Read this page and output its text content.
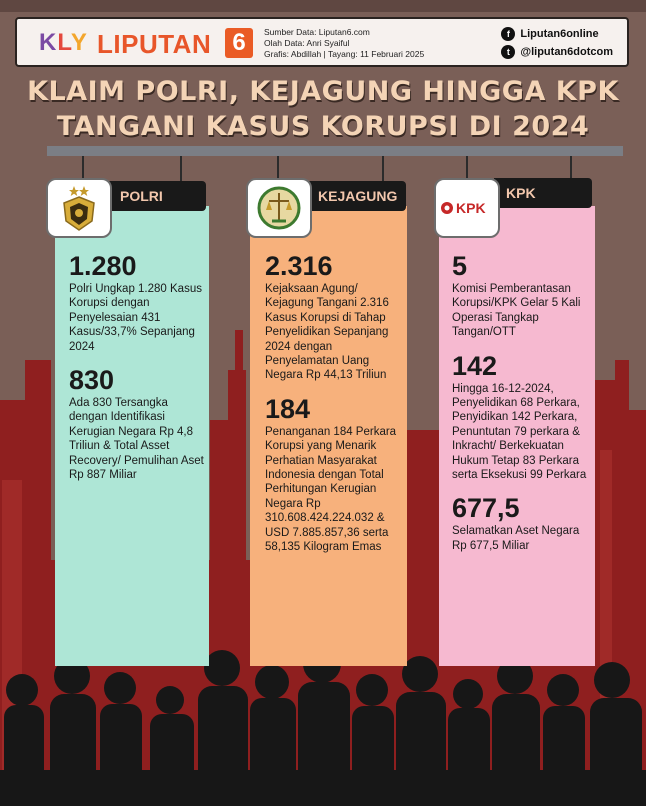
KLY LIPUTAN 6	Sumber Data: Liputan6.com
Olah Data: Anri Syaiful
Grafis: Abdillah | Tayang: 11 Februari 2025
f Liputan6online
t @liputan6dotcom
KLAIM POLRI, KEJAGUNG HINGGA KPK
TANGANI KASUS KORUPSI DI 2024
1.280
Polri Ungkap 1.280 Kasus Korupsi dengan Penyelesaian 431 Kasus/33,7% Sepanjang 2024
830
Ada 830 Tersangka dengan Identifikasi Kerugian Negara Rp 4,8 Triliun & Total Asset Recovery/ Pemulihan Aset Rp 887 Miliar
POLRI
2.316
Kejaksaan Agung/ Kejagung Tangani 2.316 Kasus Korupsi di Tahap Penyelidikan Sepanjang 2024 dengan Penyelamatan Uang Negara Rp 44,13 Triliun
184
Penanganan 184 Perkara Korupsi yang Menarik Perhatian Masyarakat Indonesia dengan Total Perhitungan Kerugian Negara Rp 310.608.424.224.032 & USD 7.885.857,36 serta 58,135 Kilogram Emas
KEJAGUNG
5
Komisi Pemberantasan Korupsi/KPK Gelar 5 Kali Operasi Tangkap Tangan/OTT
142
Hingga 16-12-2024, Penyelidikan 68 Perkara, Penyidikan 142 Perkara, Penuntutan 79 perkara & Inkracht/ Berkekuatan Hukum Tetap 83 Perkara serta Eksekusi 99 Perkara
677,5
Selamatkan Aset Negara Rp 677,5 Miliar
KPK
KPK
